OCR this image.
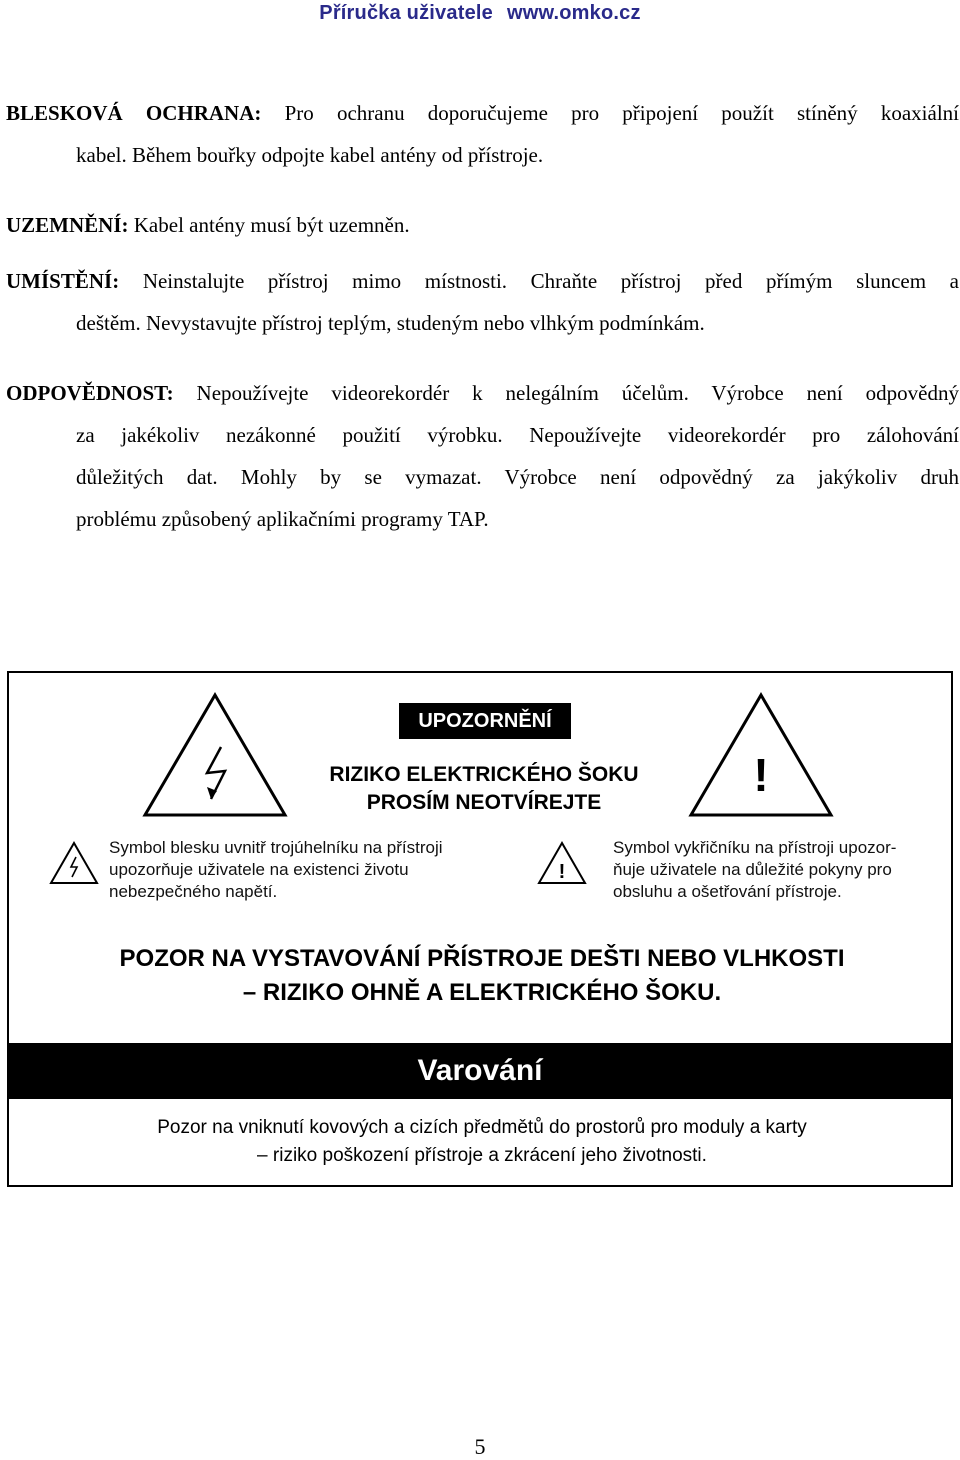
Příručka uživatele www.omko.cz
BLESKOVÁ OCHRANA: Pro ochranu doporučujeme pro připojení použít stíněný koaxiální
kabel. Během bouřky odpojte kabel antény od přístroje.
UZEMNĚNÍ: Kabel antény musí být uzemněn.
UMÍSTĚNÍ: Neinstalujte přístroj mimo místnosti. Chraňte přístroj před přímým sluncem a
deštěm. Nevystavujte přístroj teplým, studeným nebo vlhkým podmínkám.
ODPOVĚDNOST: Nepoužívejte videorekordér k nelegálním účelům. Výrobce není odpovědný
za jakékoliv nezákonné použití výrobku. Nepoužívejte videorekordér pro zálohování
důležitých dat. Mohly by se vymazat. Výrobce není odpovědný za jakýkoliv druh
problému způsobený aplikačními programy TAP.
UPOZORNĚNÍ
RIZIKO ELEKTRICKÉHO ŠOKU
PROSÍM NEOTVÍREJTE
!
Symbol blesku uvnitř trojúhelníku na přístroji
upozorňuje uživatele na existenci životu
nebezpečného napětí.
!
Symbol vykřičníku na přístroji upozor-
ňuje uživatele na důležité pokyny pro
obsluhu a ošetřování přístroje.
POZOR NA VYSTAVOVÁNÍ PŘÍSTROJE DEŠTI NEBO VLHKOSTI
– RIZIKO OHNĚ A ELEKTRICKÉHO ŠOKU.
Varování
Pozor na vniknutí kovových a cizích předmětů do prostorů pro moduly a karty
– riziko poškození přístroje a zkrácení jeho životnosti.
5
